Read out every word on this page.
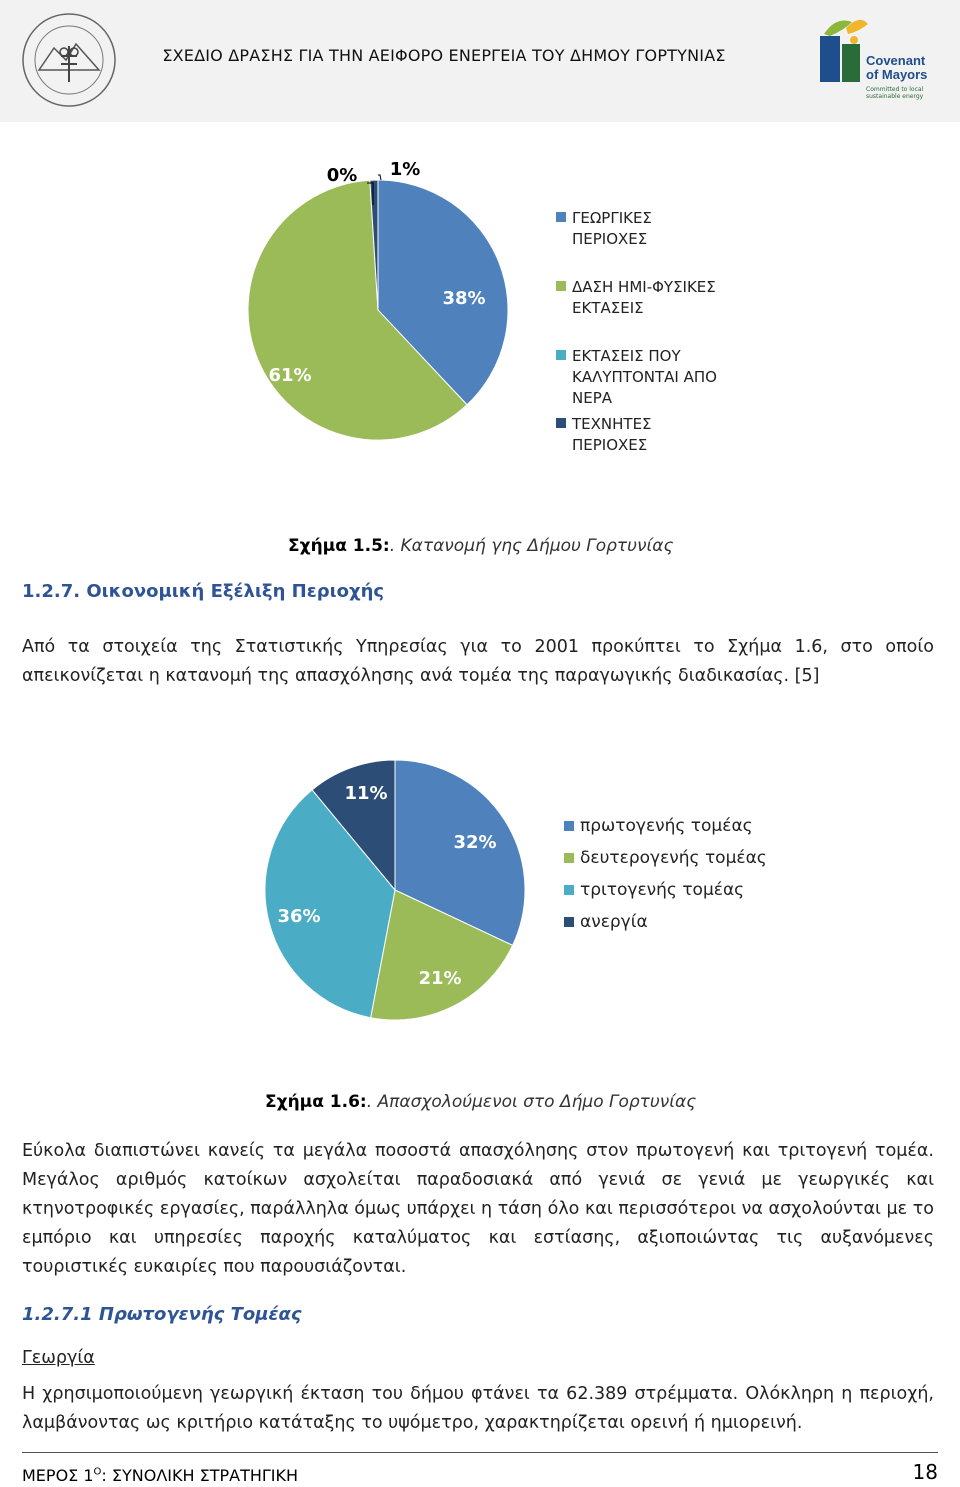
ΣΧΕΔΙΟ ΔΡΑΣΗΣ ΓΙΑ ΤΗΝ ΑΕΙΦΟΡΟ ΕΝΕΡΓΕΙΑ ΤΟΥ ΔΗΜΟΥ ΓΟΡΤΥΝΙΑΣ	Covenant
of Mayors
Committed to local sustainable energy
38%
61%
0% 1%
ΓΕΩΡΓΙΚΕΣ
ΠΕΡΙΟΧΕΣ
ΔΑΣΗ ΗΜΙ-ΦΥΣΙΚΕΣ
ΕΚΤΑΣΕΙΣ
ΕΚΤΑΣΕΙΣ ΠΟΥ
ΚΑΛΥΠΤΟΝΤΑΙ ΑΠΟ
ΝΕΡΑ
ΤΕΧΝΗΤΕΣ
ΠΕΡΙΟΧΕΣ
Σχήμα 1.5:. Κατανομή γης Δήμου Γορτυνίας
1.2.7. Οικονομική Εξέλιξη Περιοχής
Από τα στοιχεία της Στατιστικής Υπηρεσίας για το 2001 προκύπτει το Σχήμα 1.6, στο οποίο απεικονίζεται η κατανομή της απασχόλησης ανά τομέα της παραγωγικής διαδικασίας. [5]
32%
21%
36%
11%
πρωτογενής τομέας
δευτερογενής τομέας
τριτογενής τομέας
ανεργία
Σχήμα 1.6:. Απασχολούμενοι στο Δήμο Γορτυνίας
Εύκολα διαπιστώνει κανείς τα μεγάλα ποσοστά απασχόλησης στον πρωτογενή και τριτογενή τομέα. Μεγάλος αριθμός κατοίκων ασχολείται παραδοσιακά από γενιά σε γενιά με γεωργικές και κτηνοτροφικές εργασίες, παράλληλα όμως υπάρχει η τάση όλο και περισσότεροι να ασχολούνται με το εμπόριο και υπηρεσίες παροχής καταλύματος και εστίασης, αξιοποιώντας τις αυξανόμενες τουριστικές ευκαιρίες που παρουσιάζονται.
1.2.7.1 Πρωτογενής Τομέας
Γεωργία
Η χρησιμοποιούμενη γεωργική έκταση του δήμου φτάνει τα 62.389 στρέμματα. Ολόκληρη η περιοχή, λαμβάνοντας ως κριτήριο κατάταξης το υψόμετρο, χαρακτηρίζεται ορεινή ή ημιορεινή.
ΜΕΡΟΣ $1^O$: ΣΥΝΟΛΙΚΗ ΣΤΡΑΤΗΓΙΚΗ	18
